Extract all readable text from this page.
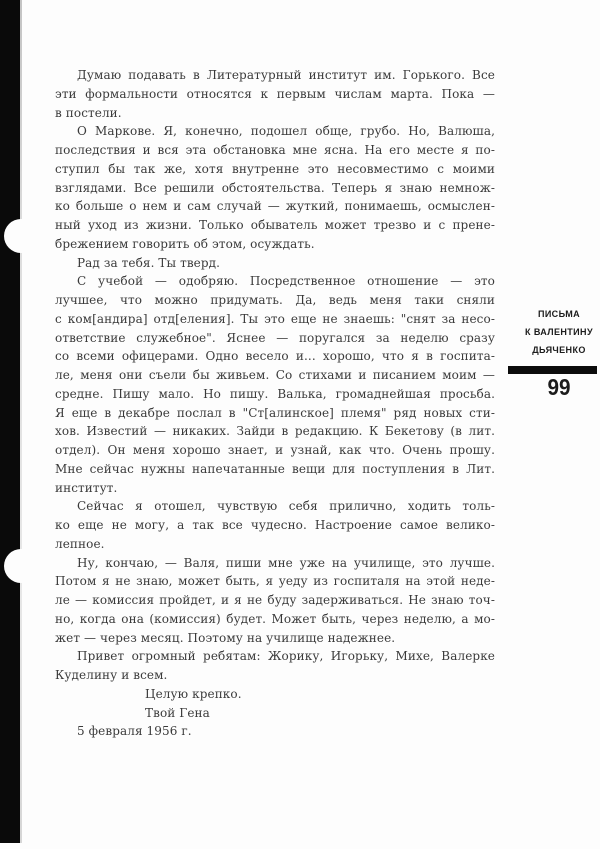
Думаю подавать в Литературный институт им. Горького. Все
эти формальности относятся к первым числам марта. Пока —
в постели.
О Маркове. Я, конечно, подошел обще, грубо. Но, Валюша,
последствия и вся эта обстановка мне ясна. На его месте я по-
ступил бы так же, хотя внутренне это несовместимо с моими
взглядами. Все решили обстоятельства. Теперь я знаю немнож-
ко больше о нем и сам случай — жуткий, понимаешь, осмыслен-
ный уход из жизни. Только обыватель может трезво и с прене-
брежением говорить об этом, осуждать.
Рад за тебя. Ты тверд.
С учебой — одобряю. Посредственное отношение — это
лучшее, что можно придумать. Да, ведь меня таки сняли
с ком[андира] отд[еления]. Ты это еще не знаешь: "снят за несо-
ответствие служебное". Яснее — поругался за неделю сразу
со всеми офицерами. Одно весело и... хорошо, что я в госпита-
ле, меня они съели бы живьем. Со стихами и писанием моим —
средне. Пишу мало. Но пишу. Валька, громаднейшая просьба.
Я еще в декабре послал в "Ст[алинское] племя" ряд новых сти-
хов. Известий — никаких. Зайди в редакцию. К Бекетову (в лит.
отдел). Он меня хорошо знает, и узнай, как что. Очень прошу.
Мне сейчас нужны напечатанные вещи для поступления в Лит.
институт.
Сейчас я отошел, чувствую себя прилично, ходить толь-
ко еще не могу, а так все чудесно. Настроение самое велико-
лепное.
Ну, кончаю, — Валя, пиши мне уже на училище, это лучше.
Потом я не знаю, может быть, я уеду из госпиталя на этой неде-
ле — комиссия пройдет, и я не буду задерживаться. Не знаю точ-
но, когда она (комиссия) будет. Может быть, через неделю, а мо-
жет — через месяц. Поэтому на училище надежнее.
Привет огромный ребятам: Жорику, Игорьку, Михе, Валерке
Куделину и всем.
Целую крепко.
Твой Гена
5 февраля 1956 г.
ПИСЬМА
К ВАЛЕНТИНУ
ДЬЯЧЕНКО
99
